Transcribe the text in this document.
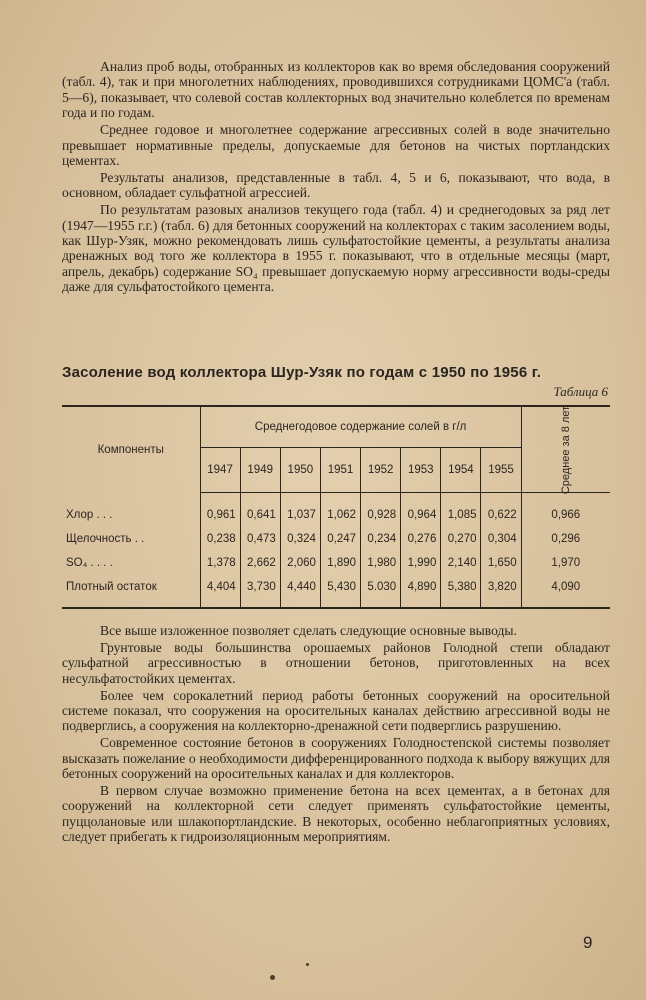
Анализ проб воды, отобранных из коллекторов как во время обследования сооружений (табл. 4), так и при многолетних наблюдениях, проводившихся сотрудниками ЦОМС'а (табл. 5—6), показывает, что солевой состав коллекторных вод значительно колеблется по временам года и по годам.

Среднее годовое и многолетнее содержание агрессивных солей в воде значительно превышает нормативные пределы, допускаемые для бетонов на чистых портландских цементах.

Результаты анализов, представленные в табл. 4, 5 и 6, показывают, что вода, в основном, обладает сульфатной агрессией.

По результатам разовых анализов текущего года (табл. 4) и среднегодовых за ряд лет (1947—1955 г.г.) (табл. 6) для бетонных сооружений на коллекторах с таким засолением воды, как Шур-Узяк, можно рекомендовать лишь сульфатостойкие цементы, а результаты анализа дренажных вод того же коллектора в 1955 г. показывают, что в отдельные месяцы (март, апрель, декабрь) содержание SO₄ превышает допускаемую норму агрессивности воды-среды даже для сульфатостойкого цемента.

Засоление вод коллектора Шур-Узяк по годам с 1950 по 1956 г.
Таблица 6
Компоненты	Среднегодовое содержание солей в г/л								Среднее за 8 лет
	1947	1949	1950	1951	1952	1953	1954	1955	
Хлор . . .	0,961	0,641	1,037	1,062	0,928	0,964	1,085	0,622	0,966
Щелочность . .	0,238	0,473	0,324	0,247	0,234	0,276	0,270	0,304	0,296
SO₄ . . . .	1,378	2,662	2,060	1,890	1,980	1,990	2,140	1,650	1,970
Плотный остаток	4,404	3,730	4,440	5,430	5.030	4,890	5,380	3,820	4,090

Все выше изложенное позволяет сделать следующие основные выводы.

Грунтовые воды большинства орошаемых районов Голодной степи обладают сульфатной агрессивностью в отношении бетонов, приготовленных на всех несульфатостойких цементах.

Более чем сорокалетний период работы бетонных сооружений на оросительной системе показал, что сооружения на оросительных каналах действию агрессивной воды не подверглись, а сооружения на коллекторно-дренажной сети подверглись разрушению.

Современное состояние бетонов в сооружениях Голодностепской системы позволяет высказать пожелание о необходимости дифференцированного подхода к выбору вяжущих для бетонных сооружений на оросительных каналах и для коллекторов.

В первом случае возможно применение бетона на всех цементах, а в бетонах для сооружений на коллекторной сети следует применять сульфатостойкие цементы, пуццолановые или шлакопортландские. В некоторых, особенно неблагоприятных условиях, следует прибегать к гидроизоляционным мероприятиям.

9
